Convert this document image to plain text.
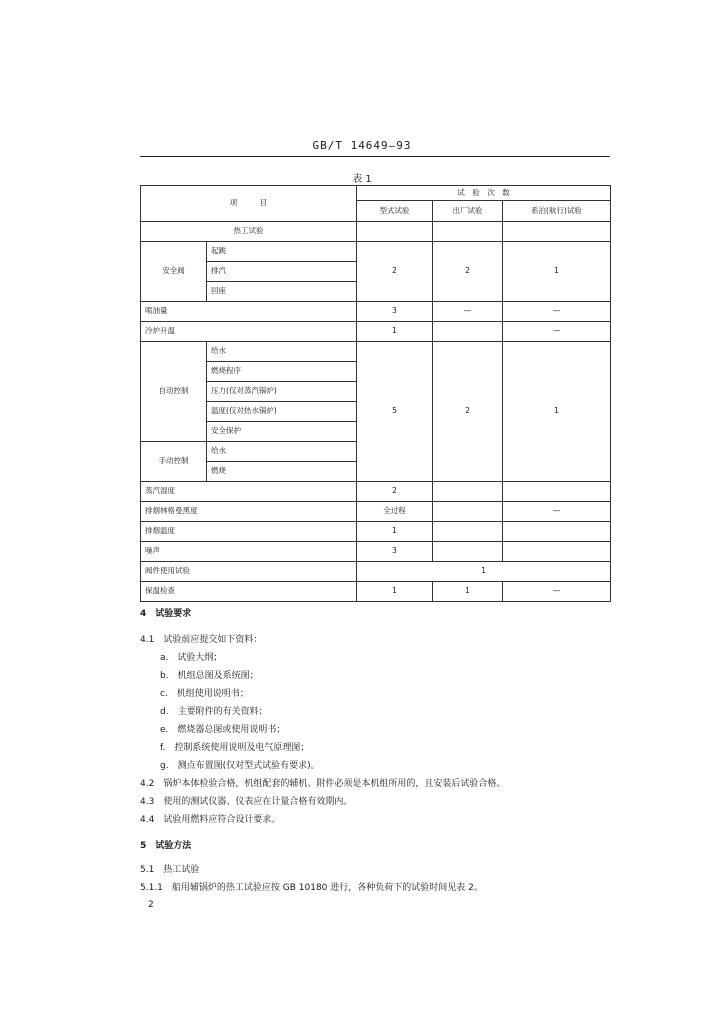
GB/T 14649—93
表 1
项　　　目		试　验　次　数		
		型式试验	出厂试验	系泊(航行)试验
热工试验				
安全阀	起跳	2	2	1
	排汽			
	回座			
喷油量		3	—	—
冷炉升温		1		—
自动控制	给水	5	2	1
	燃烧程序			
	压力(仅对蒸汽锅炉)			
	温度(仅对热水锅炉)			
	安全保护			
手动控制	给水			
	燃烧			
蒸汽湿度		2		
排烟林格曼黑度		全过程		—
排烟温度		1		
噪声		3		
阀件使用试验		1		
保温检查		1	1	—
4　试验要求
4.1　试验前应提交如下资料：
a.　试验大纲；
b.　机组总图及系统图；
c.　机组使用说明书；
d.　主要附件的有关资料；
e.　燃烧器总图或使用说明书；
f.　控制系统使用说明及电气原理图；
g.　测点布置图(仅对型式试验有要求)。
4.2　锅炉本体检验合格，机组配套的辅机、附件必须是本机组所用的，且安装后试验合格。
4.3　使用的测试仪器、仪表应在计量合格有效期内。
4.4　试验用燃料应符合设计要求。
5　试验方法
5.1　热工试验
5.1.1　船用辅锅炉的热工试验应按 GB 10180 进行，各种负荷下的试验时间见表 2。
2
